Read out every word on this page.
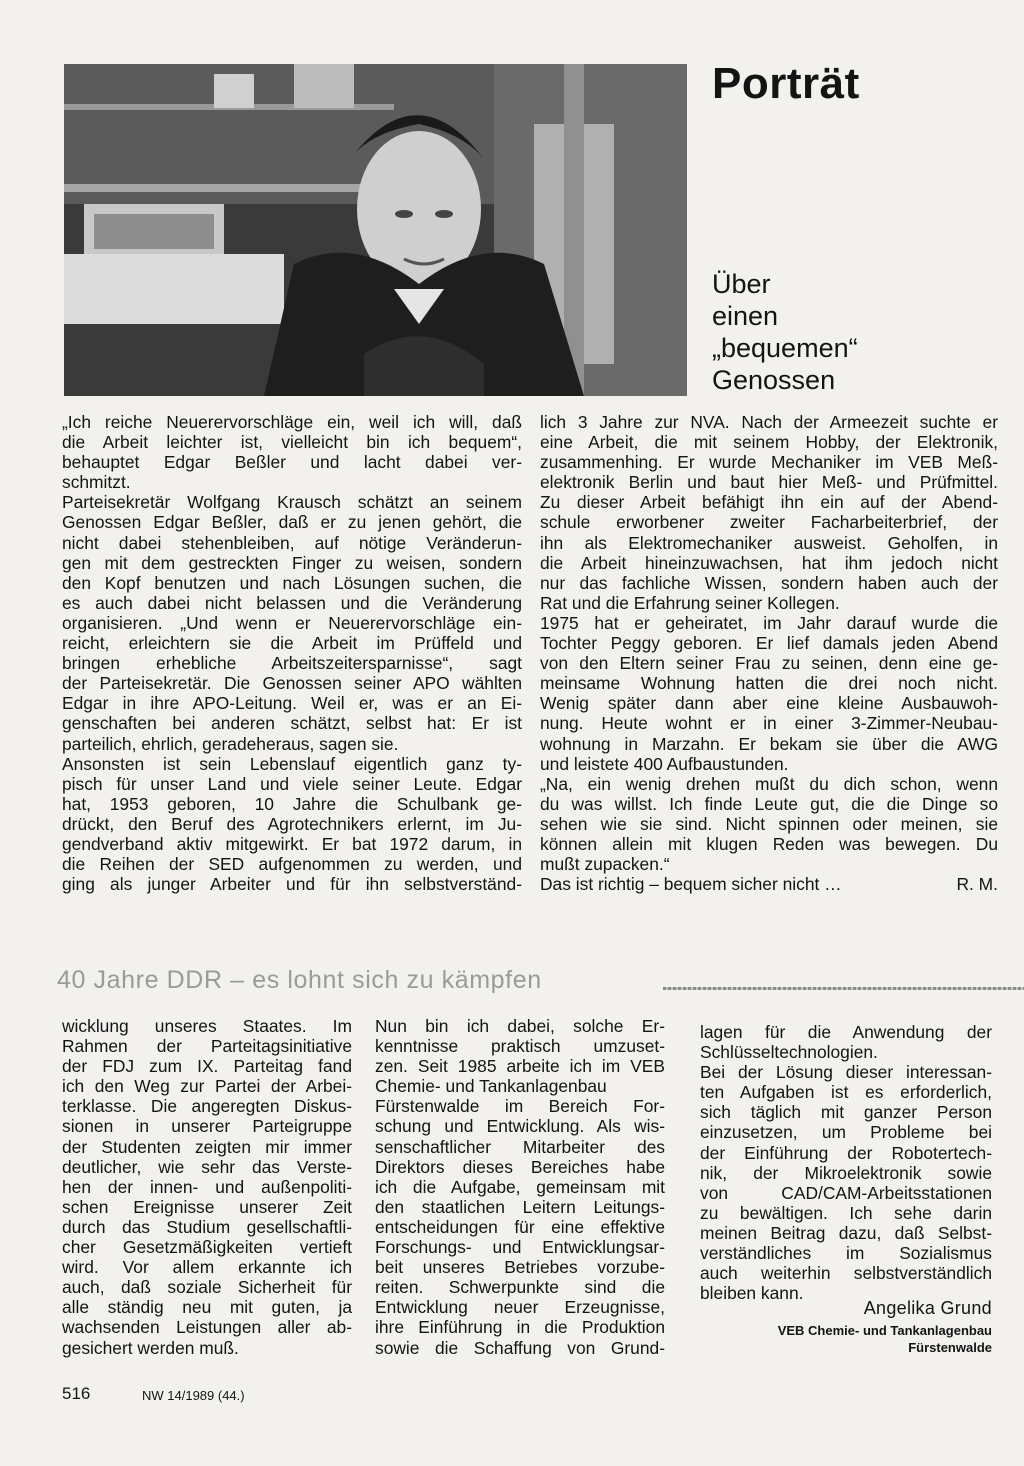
Porträt
Über
einen
„bequemen“
Genossen
„Ich reiche Neuerervorschläge ein, weil ich will, daß
die Arbeit leichter ist, vielleicht bin ich bequem“,
behauptet Edgar Beßler und lacht dabei ver-
schmitzt.
Parteisekretär Wolfgang Krausch schätzt an seinem
Genossen Edgar Beßler, daß er zu jenen gehört, die
nicht dabei stehenbleiben, auf nötige Veränderun-
gen mit dem gestreckten Finger zu weisen, sondern
den Kopf benutzen und nach Lösungen suchen, die
es auch dabei nicht belassen und die Veränderung
organisieren. „Und wenn er Neuerervorschläge ein-
reicht, erleichtern sie die Arbeit im Prüffeld und
bringen erhebliche Arbeitszeitersparnisse“, sagt
der Parteisekretär. Die Genossen seiner APO wählten
Edgar in ihre APO-Leitung. Weil er, was er an Ei-
genschaften bei anderen schätzt, selbst hat: Er ist
parteilich, ehrlich, geradeheraus, sagen sie.
Ansonsten ist sein Lebenslauf eigentlich ganz ty-
pisch für unser Land und viele seiner Leute. Edgar
hat, 1953 geboren, 10 Jahre die Schulbank ge-
drückt, den Beruf des Agrotechnikers erlernt, im Ju-
gendverband aktiv mitgewirkt. Er bat 1972 darum, in
die Reihen der SED aufgenommen zu werden, und
ging als junger Arbeiter und für ihn selbstverständ-
lich 3 Jahre zur NVA. Nach der Armeezeit suchte er
eine Arbeit, die mit seinem Hobby, der Elektronik,
zusammenhing. Er wurde Mechaniker im VEB Meß-
elektronik Berlin und baut hier Meß- und Prüfmittel.
Zu dieser Arbeit befähigt ihn ein auf der Abend-
schule erworbener zweiter Facharbeiterbrief, der
ihn als Elektromechaniker ausweist. Geholfen, in
die Arbeit hineinzuwachsen, hat ihm jedoch nicht
nur das fachliche Wissen, sondern haben auch der
Rat und die Erfahrung seiner Kollegen.
1975 hat er geheiratet, im Jahr darauf wurde die
Tochter Peggy geboren. Er lief damals jeden Abend
von den Eltern seiner Frau zu seinen, denn eine ge-
meinsame Wohnung hatten die drei noch nicht.
Wenig später dann aber eine kleine Ausbauwoh-
nung. Heute wohnt er in einer 3-Zimmer-Neubau-
wohnung in Marzahn. Er bekam sie über die AWG
und leistete 400 Aufbaustunden.
„Na, ein wenig drehen mußt du dich schon, wenn
du was willst. Ich finde Leute gut, die die Dinge so
sehen wie sie sind. Nicht spinnen oder meinen, sie
können allein mit klugen Reden was bewegen. Du
mußt zupacken.“
Das ist richtig – bequem sicher nicht …	R. M.
40 Jahre DDR – es lohnt sich zu kämpfen
wicklung unseres Staates. Im
Rahmen der Parteitagsinitiative
der FDJ zum IX. Parteitag fand
ich den Weg zur Partei der Arbei-
terklasse. Die angeregten Diskus-
sionen in unserer Parteigruppe
der Studenten zeigten mir immer
deutlicher, wie sehr das Verste-
hen der innen- und außenpoliti-
schen Ereignisse unserer Zeit
durch das Studium gesellschaftli-
cher Gesetzmäßigkeiten vertieft
wird. Vor allem erkannte ich
auch, daß soziale Sicherheit für
alle ständig neu mit guten, ja
wachsenden Leistungen aller ab-
gesichert werden muß.
Nun bin ich dabei, solche Er-
kenntnisse praktisch umzuset-
zen. Seit 1985 arbeite ich im VEB
Chemie- und Tankanlagenbau
Fürstenwalde im Bereich For-
schung und Entwicklung. Als wis-
senschaftlicher Mitarbeiter des
Direktors dieses Bereiches habe
ich die Aufgabe, gemeinsam mit
den staatlichen Leitern Leitungs-
entscheidungen für eine effektive
Forschungs- und Entwicklungsar-
beit unseres Betriebes vorzube-
reiten. Schwerpunkte sind die
Entwicklung neuer Erzeugnisse,
ihre Einführung in die Produktion
sowie die Schaffung von Grund-
lagen für die Anwendung der
Schlüsseltechnologien.
Bei der Lösung dieser interessan-
ten Aufgaben ist es erforderlich,
sich täglich mit ganzer Person
einzusetzen, um Probleme bei
der Einführung der Robotertech-
nik, der Mikroelektronik sowie
von CAD/CAM-Arbeitsstationen
zu bewältigen. Ich sehe darin
meinen Beitrag dazu, daß Selbst-
verständliches im Sozialismus
auch weiterhin selbstverständlich
bleiben kann.
Angelika Grund
VEB Chemie- und Tankanlagenbau
Fürstenwalde
516	NW 14/1989 (44.)
